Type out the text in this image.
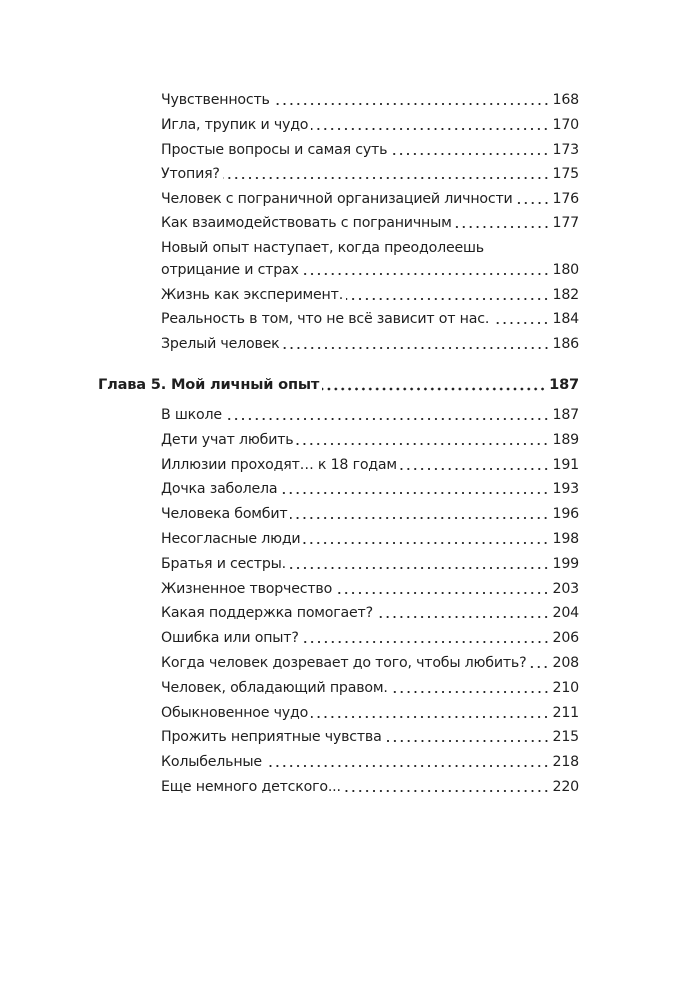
Чувственность	168
Игла, трупик и чудо	170
Простые вопросы и самая суть	173
Утопия?	175
Человек с пограничной организацией личности	176
Как взаимодействовать с пограничным	177
Новый опыт наступает, когда преодолеешь
отрицание и страх	180
Жизнь как эксперимент.	182
Реальность в том, что не всё зависит от нас.	184
Зрелый человек	186
Глава 5. Мой личный опыт	187
В школе	187
Дети учат любить	189
Иллюзии проходят… к 18 годам	191
Дочка заболела	193
Человека бомбит	196
Несогласные люди	198
Братья и сестры.	199
Жизненное творчество	203
Какая поддержка помогает?	204
Ошибка или опыт?	206
Когда человек дозревает до того, чтобы любить? 208
Человек, обладающий правом.	210
Обыкновенное чудо	211
Прожить неприятные чувства	215
Колыбельные	218
Еще немного детского...	220
